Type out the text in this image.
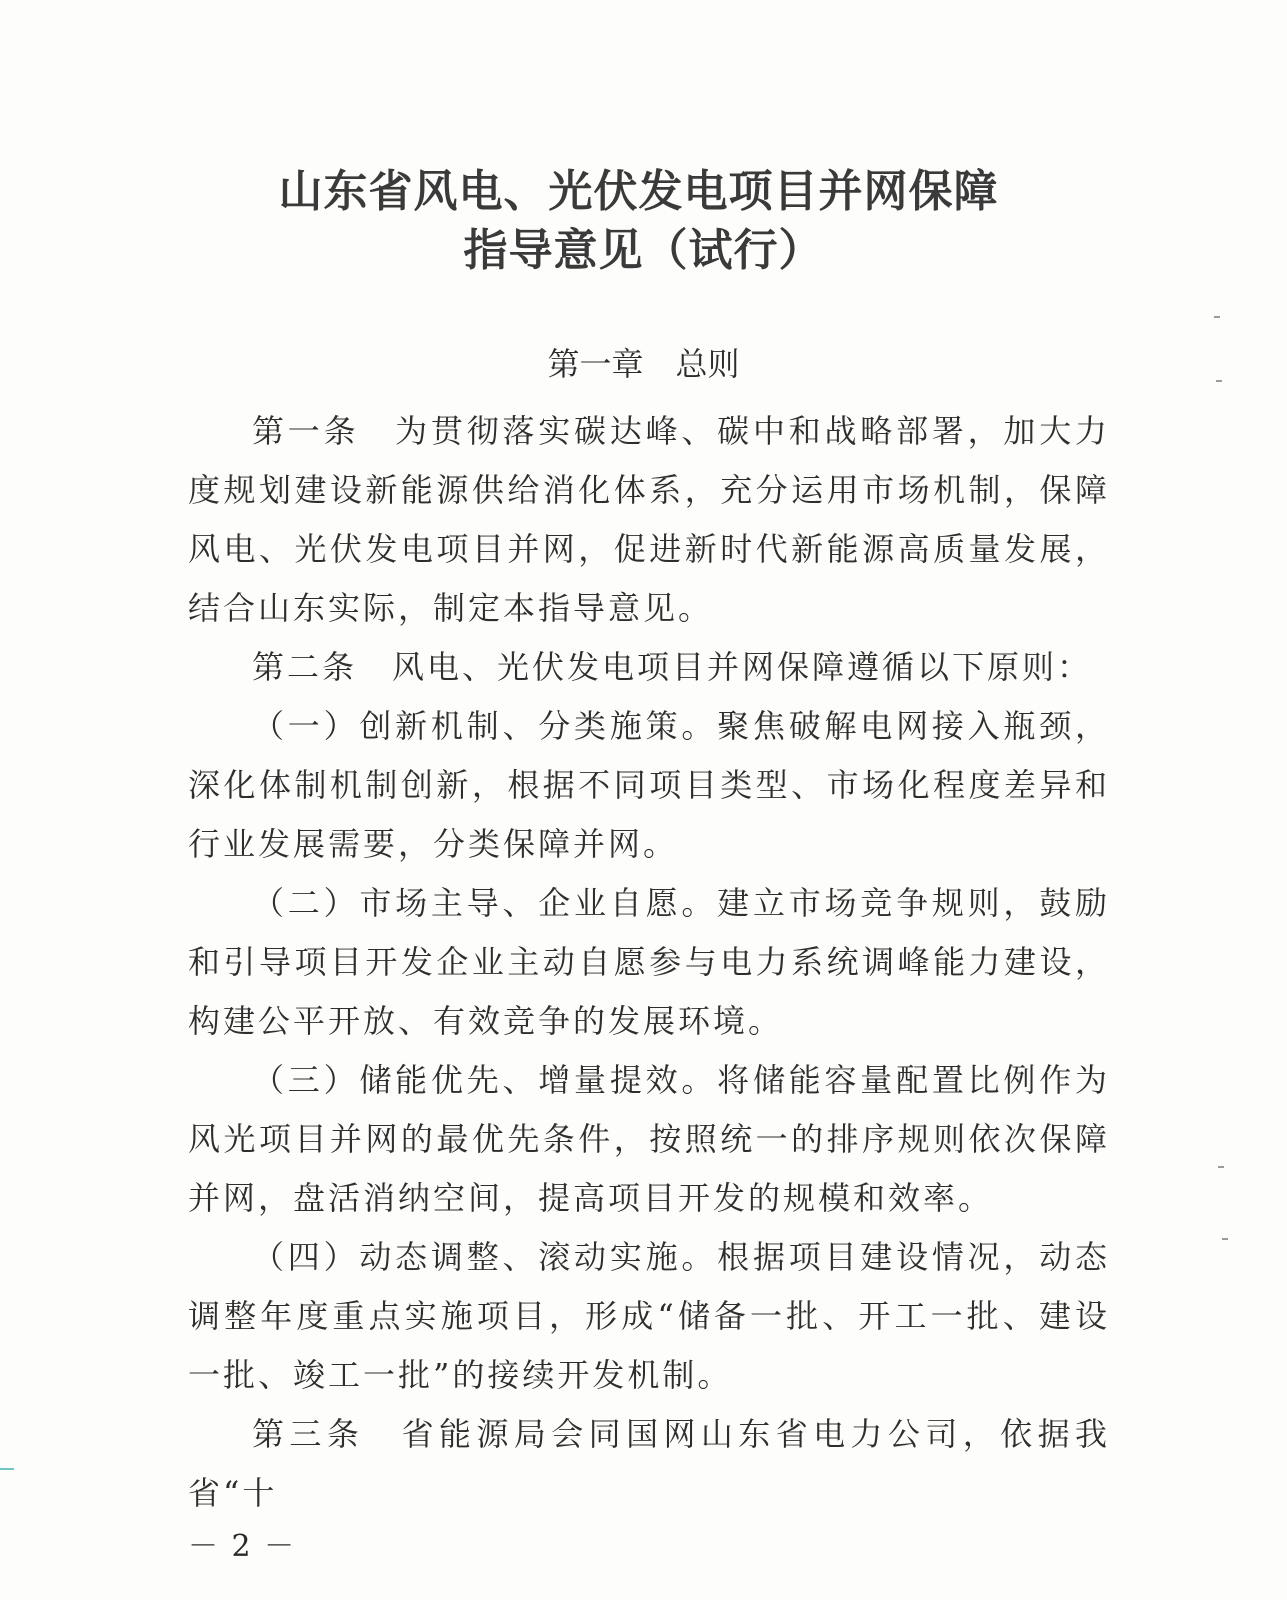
山东省风电、光伏发电项目并网保障
指导意见（试行）
第一章　总则

第一条　为贯彻落实碳达峰、碳中和战略部署，加大力度规划建设新能源供给消化体系，充分运用市场机制，保障风电、光伏发电项目并网，促进新时代新能源高质量发展，结合山东实际，制定本指导意见。

第二条　风电、光伏发电项目并网保障遵循以下原则：

（一）创新机制、分类施策。聚焦破解电网接入瓶颈，深化体制机制创新，根据不同项目类型、市场化程度差异和行业发展需要，分类保障并网。

（二）市场主导、企业自愿。建立市场竞争规则，鼓励和引导项目开发企业主动自愿参与电力系统调峰能力建设，构建公平开放、有效竞争的发展环境。

（三）储能优先、增量提效。将储能容量配置比例作为风光项目并网的最优先条件，按照统一的排序规则依次保障并网，盘活消纳空间，提高项目开发的规模和效率。

（四）动态调整、滚动实施。根据项目建设情况，动态调整年度重点实施项目，形成“储备一批、开工一批、建设一批、竣工一批”的接续开发机制。

第三条　省能源局会同国网山东省电力公司，依据我省“十

－ 2 －
